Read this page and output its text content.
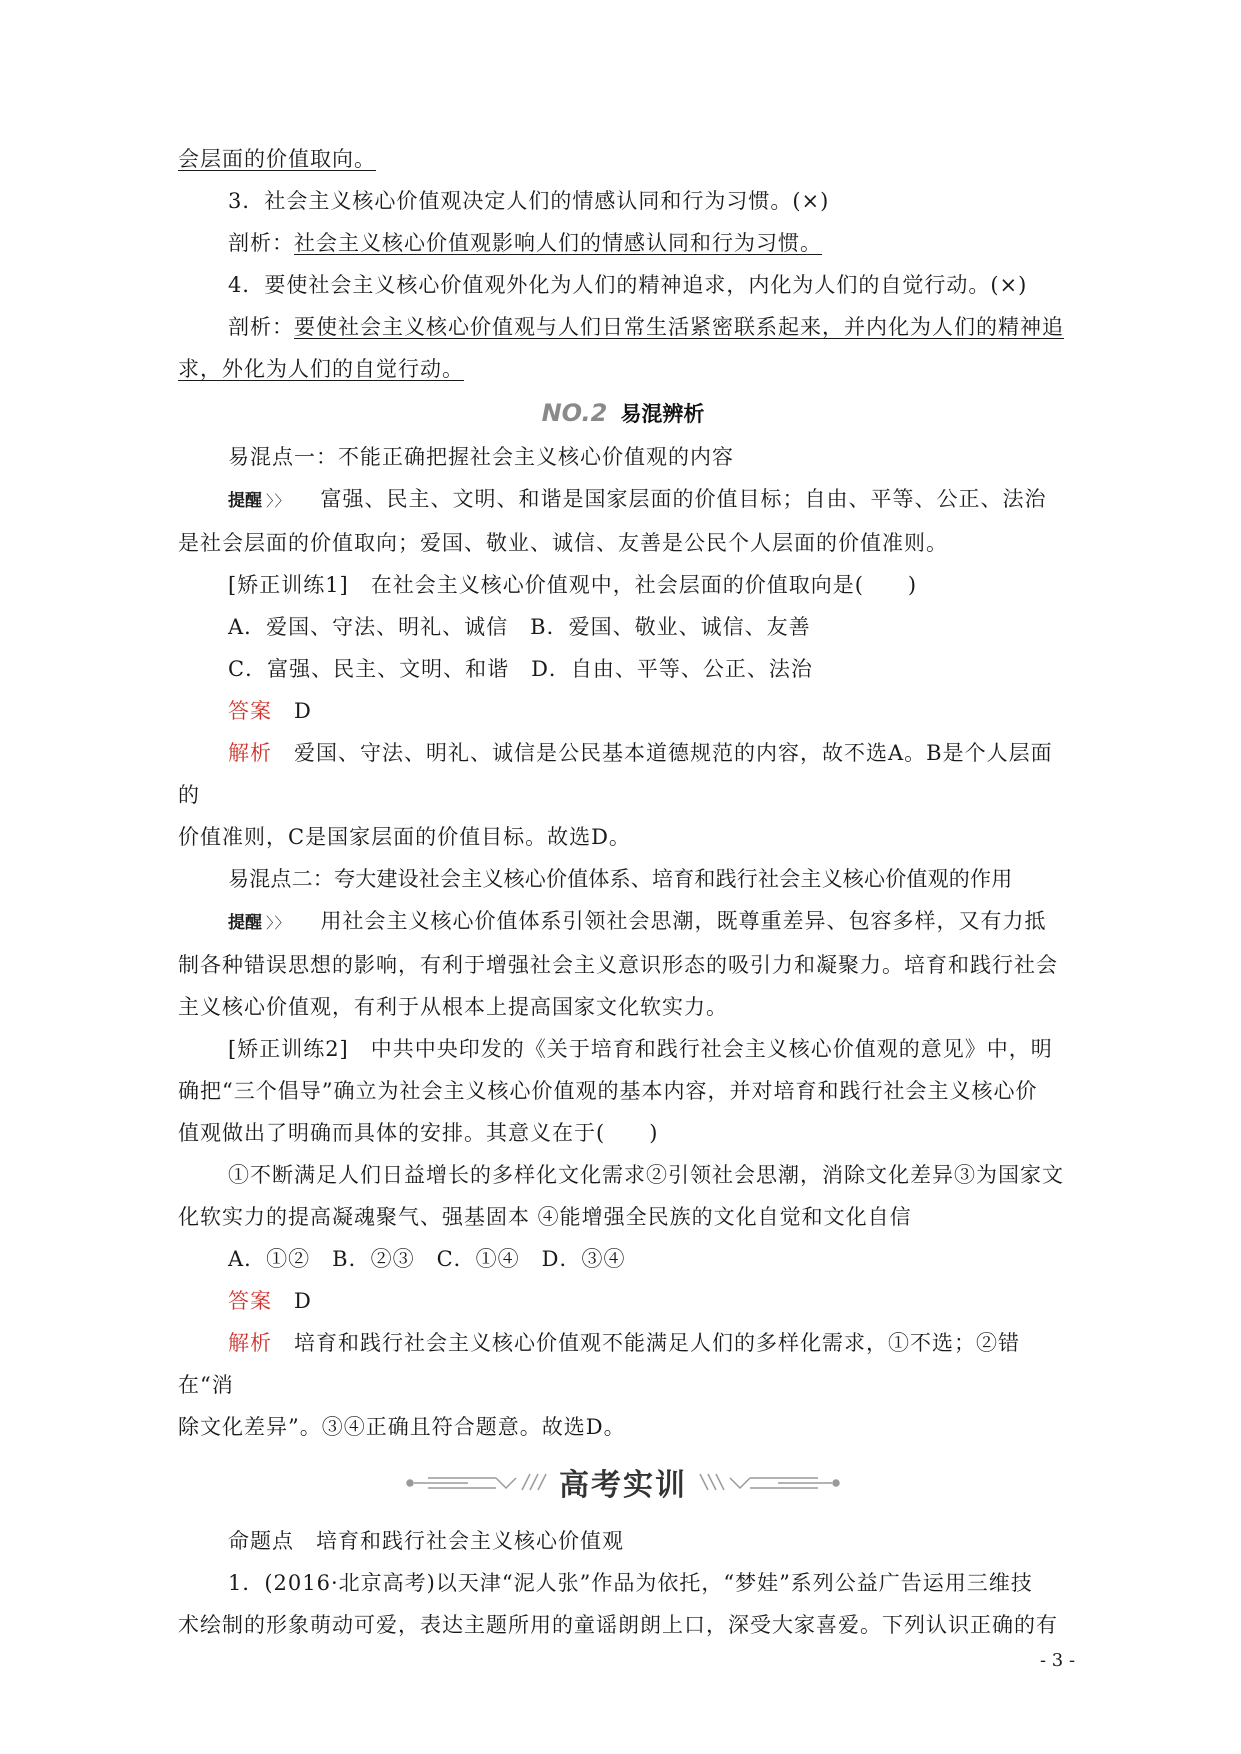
会层面的价值取向。

3．社会主义核心价值观决定人们的情感认同和行为习惯。(×)

剖析：社会主义核心价值观影响人们的情感认同和行为习惯。

4．要使社会主义核心价值观外化为人们的精神追求，内化为人们的自觉行动。(×)

剖析：要使社会主义核心价值观与人们日常生活紧密联系起来，并内化为人们的精神追

求，外化为人们的自觉行动。

NO.2 易混辨析

易混点一：不能正确把握社会主义核心价值观的内容

提醒 〉〉 富强、民主、文明、和谐是国家层面的价值目标；自由、平等、公正、法治

是社会层面的价值取向；爱国、敬业、诚信、友善是公民个人层面的价值准则。

[矫正训练1]　在社会主义核心价值观中，社会层面的价值取向是(　　)

A．爱国、守法、明礼、诚信　B．爱国、敬业、诚信、友善

C．富强、民主、文明、和谐　D．自由、平等、公正、法治

答案　 D

解析　 爱国、守法、明礼、诚信是公民基本道德规范的内容，故不选A。B是个人层面的

价值准则，C是国家层面的价值目标。故选D。

易混点二：夸大建设社会主义核心价值体系、培育和践行社会主义核心价值观的作用

提醒 〉〉 用社会主义核心价值体系引领社会思潮，既尊重差异、包容多样，又有力抵

制各种错误思想的影响，有利于增强社会主义意识形态的吸引力和凝聚力。培育和践行社会

主义核心价值观，有利于从根本上提高国家文化软实力。

[矫正训练2]　中共中央印发的《关于培育和践行社会主义核心价值观的意见》中，明

确把“三个倡导”确立为社会主义核心价值观的基本内容，并对培育和践行社会主义核心价

值观做出了明确而具体的安排。其意义在于(　　)

①不断满足人们日益增长的多样化文化需求②引领社会思潮，消除文化差异③为国家文

化软实力的提高凝魂聚气、强基固本 ④能增强全民族的文化自觉和文化自信

A．①②　B．②③　C．①④　D．③④

答案　 D

解析　 培育和践行社会主义核心价值观不能满足人们的多样化需求，①不选；②错在“消

除文化差异”。③④正确且符合题意。故选D。

高考实训

命题点　培育和践行社会主义核心价值观

1．(2016·北京高考)以天津“泥人张”作品为依托，“梦娃”系列公益广告运用三维技

术绘制的形象萌动可爱，表达主题所用的童谣朗朗上口，深受大家喜爱。下列认识正确的有

- 3 -
